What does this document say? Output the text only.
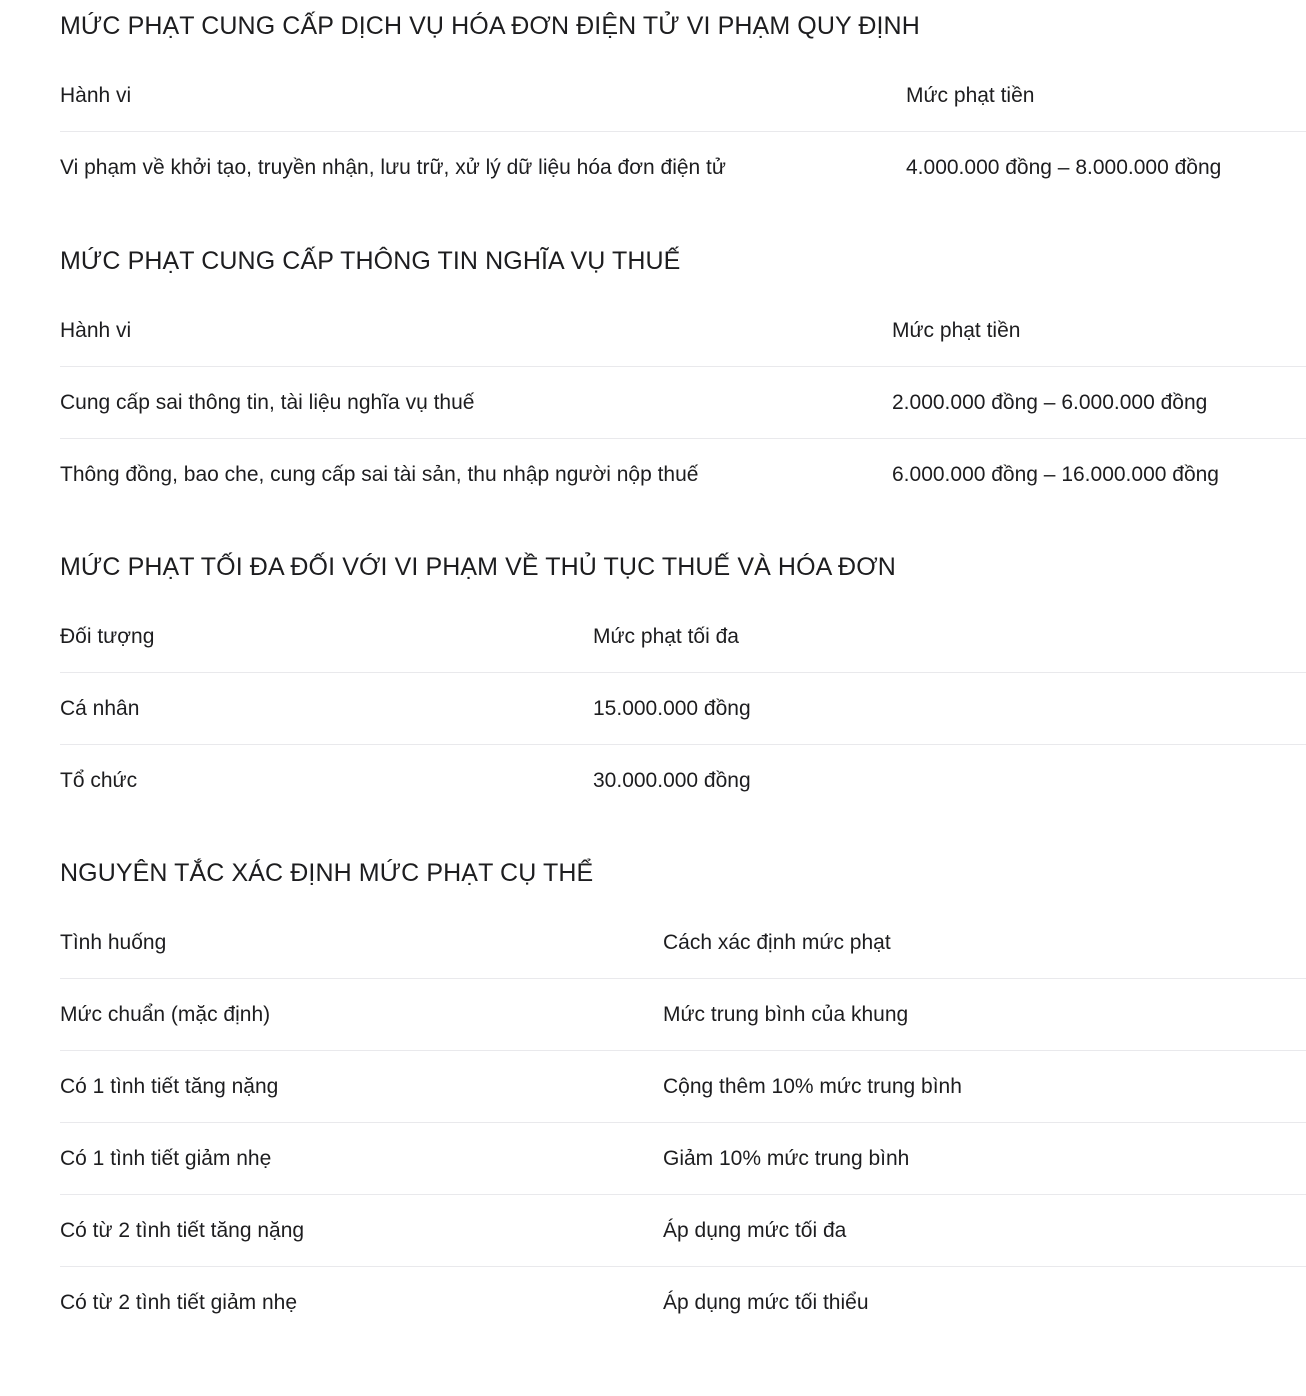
MỨC PHẠT CUNG CẤP DỊCH VỤ HÓA ĐƠN ĐIỆN TỬ VI PHẠM QUY ĐỊNH
Hành vi	Mức phạt tiền
Vi phạm về khởi tạo, truyền nhận, lưu trữ, xử lý dữ liệu hóa đơn điện tử	4.000.000 đồng – 8.000.000 đồng
MỨC PHẠT CUNG CẤP THÔNG TIN NGHĨA VỤ THUẾ
Hành vi	Mức phạt tiền
Cung cấp sai thông tin, tài liệu nghĩa vụ thuế	2.000.000 đồng – 6.000.000 đồng
Thông đồng, bao che, cung cấp sai tài sản, thu nhập người nộp thuế	6.000.000 đồng – 16.000.000 đồng
MỨC PHẠT TỐI ĐA ĐỐI VỚI VI PHẠM VỀ THỦ TỤC THUẾ VÀ HÓA ĐƠN
Đối tượng	Mức phạt tối đa
Cá nhân	15.000.000 đồng
Tổ chức	30.000.000 đồng
NGUYÊN TẮC XÁC ĐỊNH MỨC PHẠT CỤ THỂ
Tình huống	Cách xác định mức phạt
Mức chuẩn (mặc định)	Mức trung bình của khung
Có 1 tình tiết tăng nặng	Cộng thêm 10% mức trung bình
Có 1 tình tiết giảm nhẹ	Giảm 10% mức trung bình
Có từ 2 tình tiết tăng nặng	Áp dụng mức tối đa
Có từ 2 tình tiết giảm nhẹ	Áp dụng mức tối thiểu
